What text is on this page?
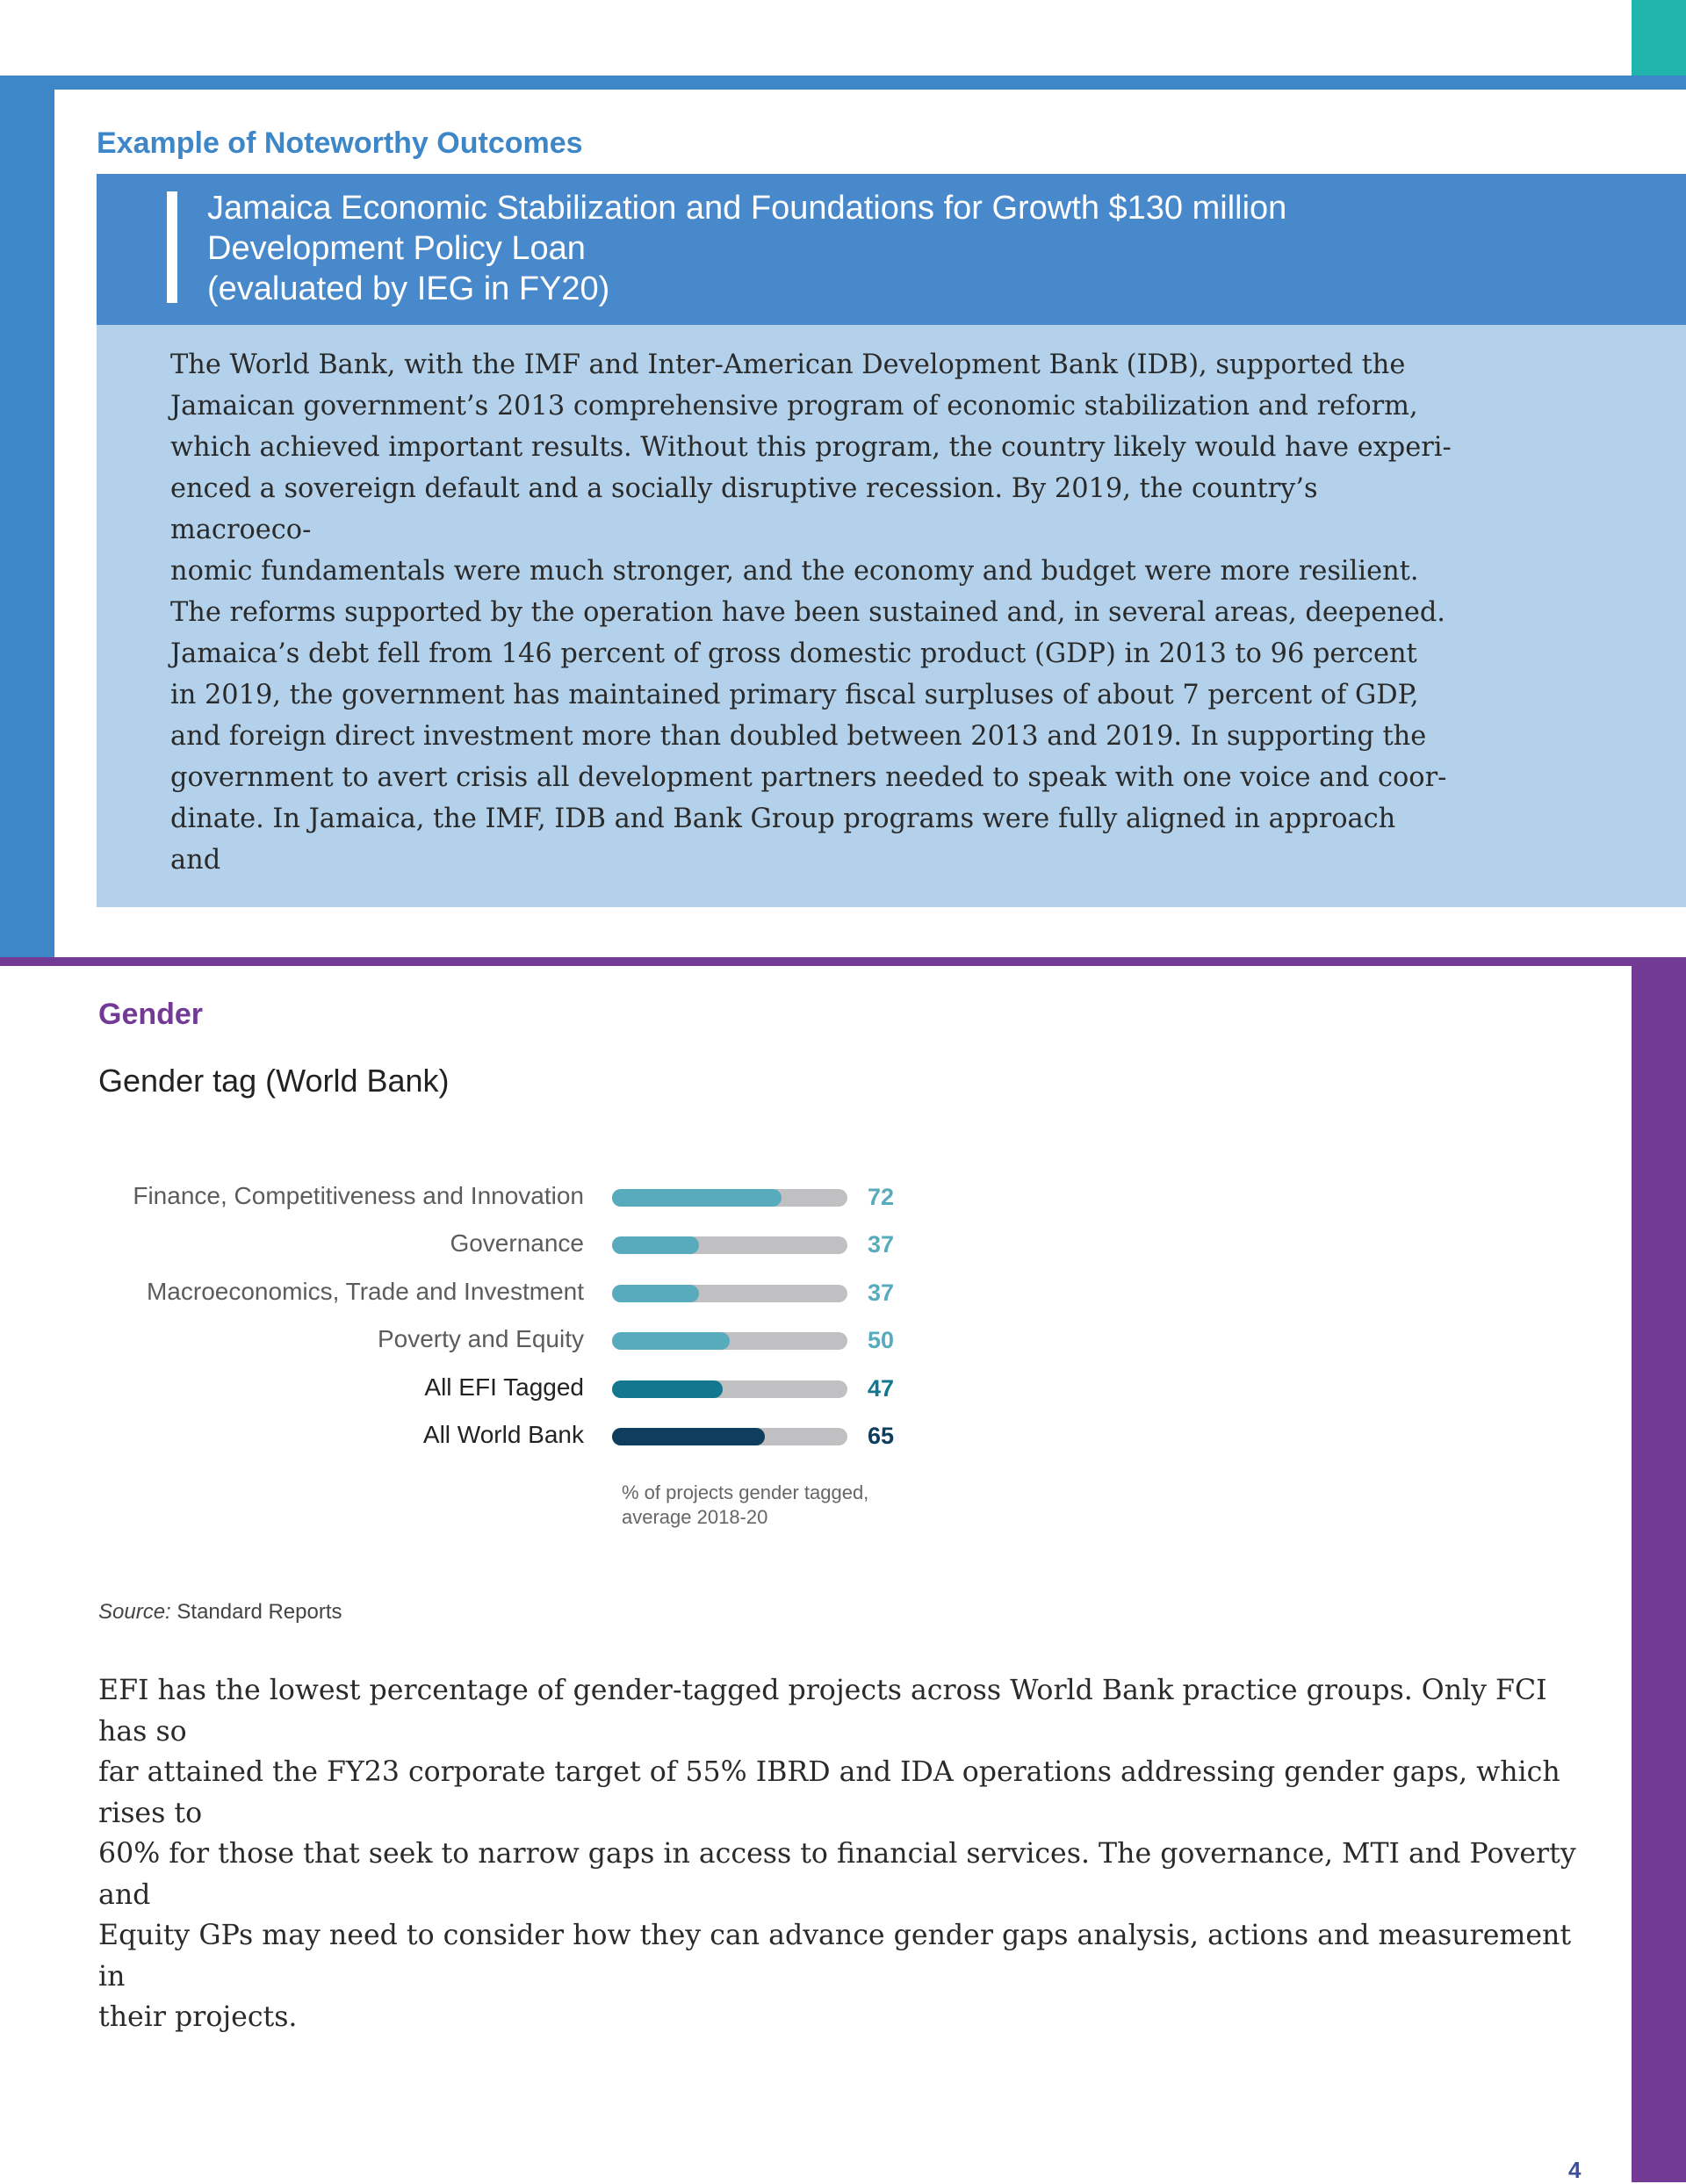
Example of Noteworthy Outcomes

Jamaica Economic Stabilization and Foundations for Growth $130 million
Development Policy Loan
(evaluated by IEG in FY20)

The World Bank, with the IMF and Inter-American Development Bank (IDB), supported the
Jamaican government’s 2013 comprehensive program of economic stabilization and reform,
which achieved important results. Without this program, the country likely would have experi-
enced a sovereign default and a socially disruptive recession. By 2019, the country’s macroeco-
nomic fundamentals were much stronger, and the economy and budget were more resilient.
The reforms supported by the operation have been sustained and, in several areas, deepened.
Jamaica’s debt fell from 146 percent of gross domestic product (GDP) in 2013 to 96 percent
in 2019, the government has maintained primary fiscal surpluses of about 7 percent of GDP,
and foreign direct investment more than doubled between 2013 and 2019. In supporting the
government to avert crisis all development partners needed to speak with one voice and coor-
dinate. In Jamaica, the IMF, IDB and Bank Group programs were fully aligned in approach and
Gender
Gender tag (World Bank)
Finance, Competitiveness and Innovation	72
Governance	37
Macroeconomics, Trade and Investment	37
Poverty and Equity	50
All EFI Tagged	47
All World Bank	65
% of projects gender tagged,
average 2018-20
Source: Standard Reports
EFI has the lowest percentage of gender-tagged projects across World Bank practice groups. Only FCI has so
far attained the FY23 corporate target of 55% IBRD and IDA operations addressing gender gaps, which rises to
60% for those that seek to narrow gaps in access to financial services. The governance, MTI and Poverty and
Equity GPs may need to consider how they can advance gender gaps analysis, actions and measurement in
their projects.
4
